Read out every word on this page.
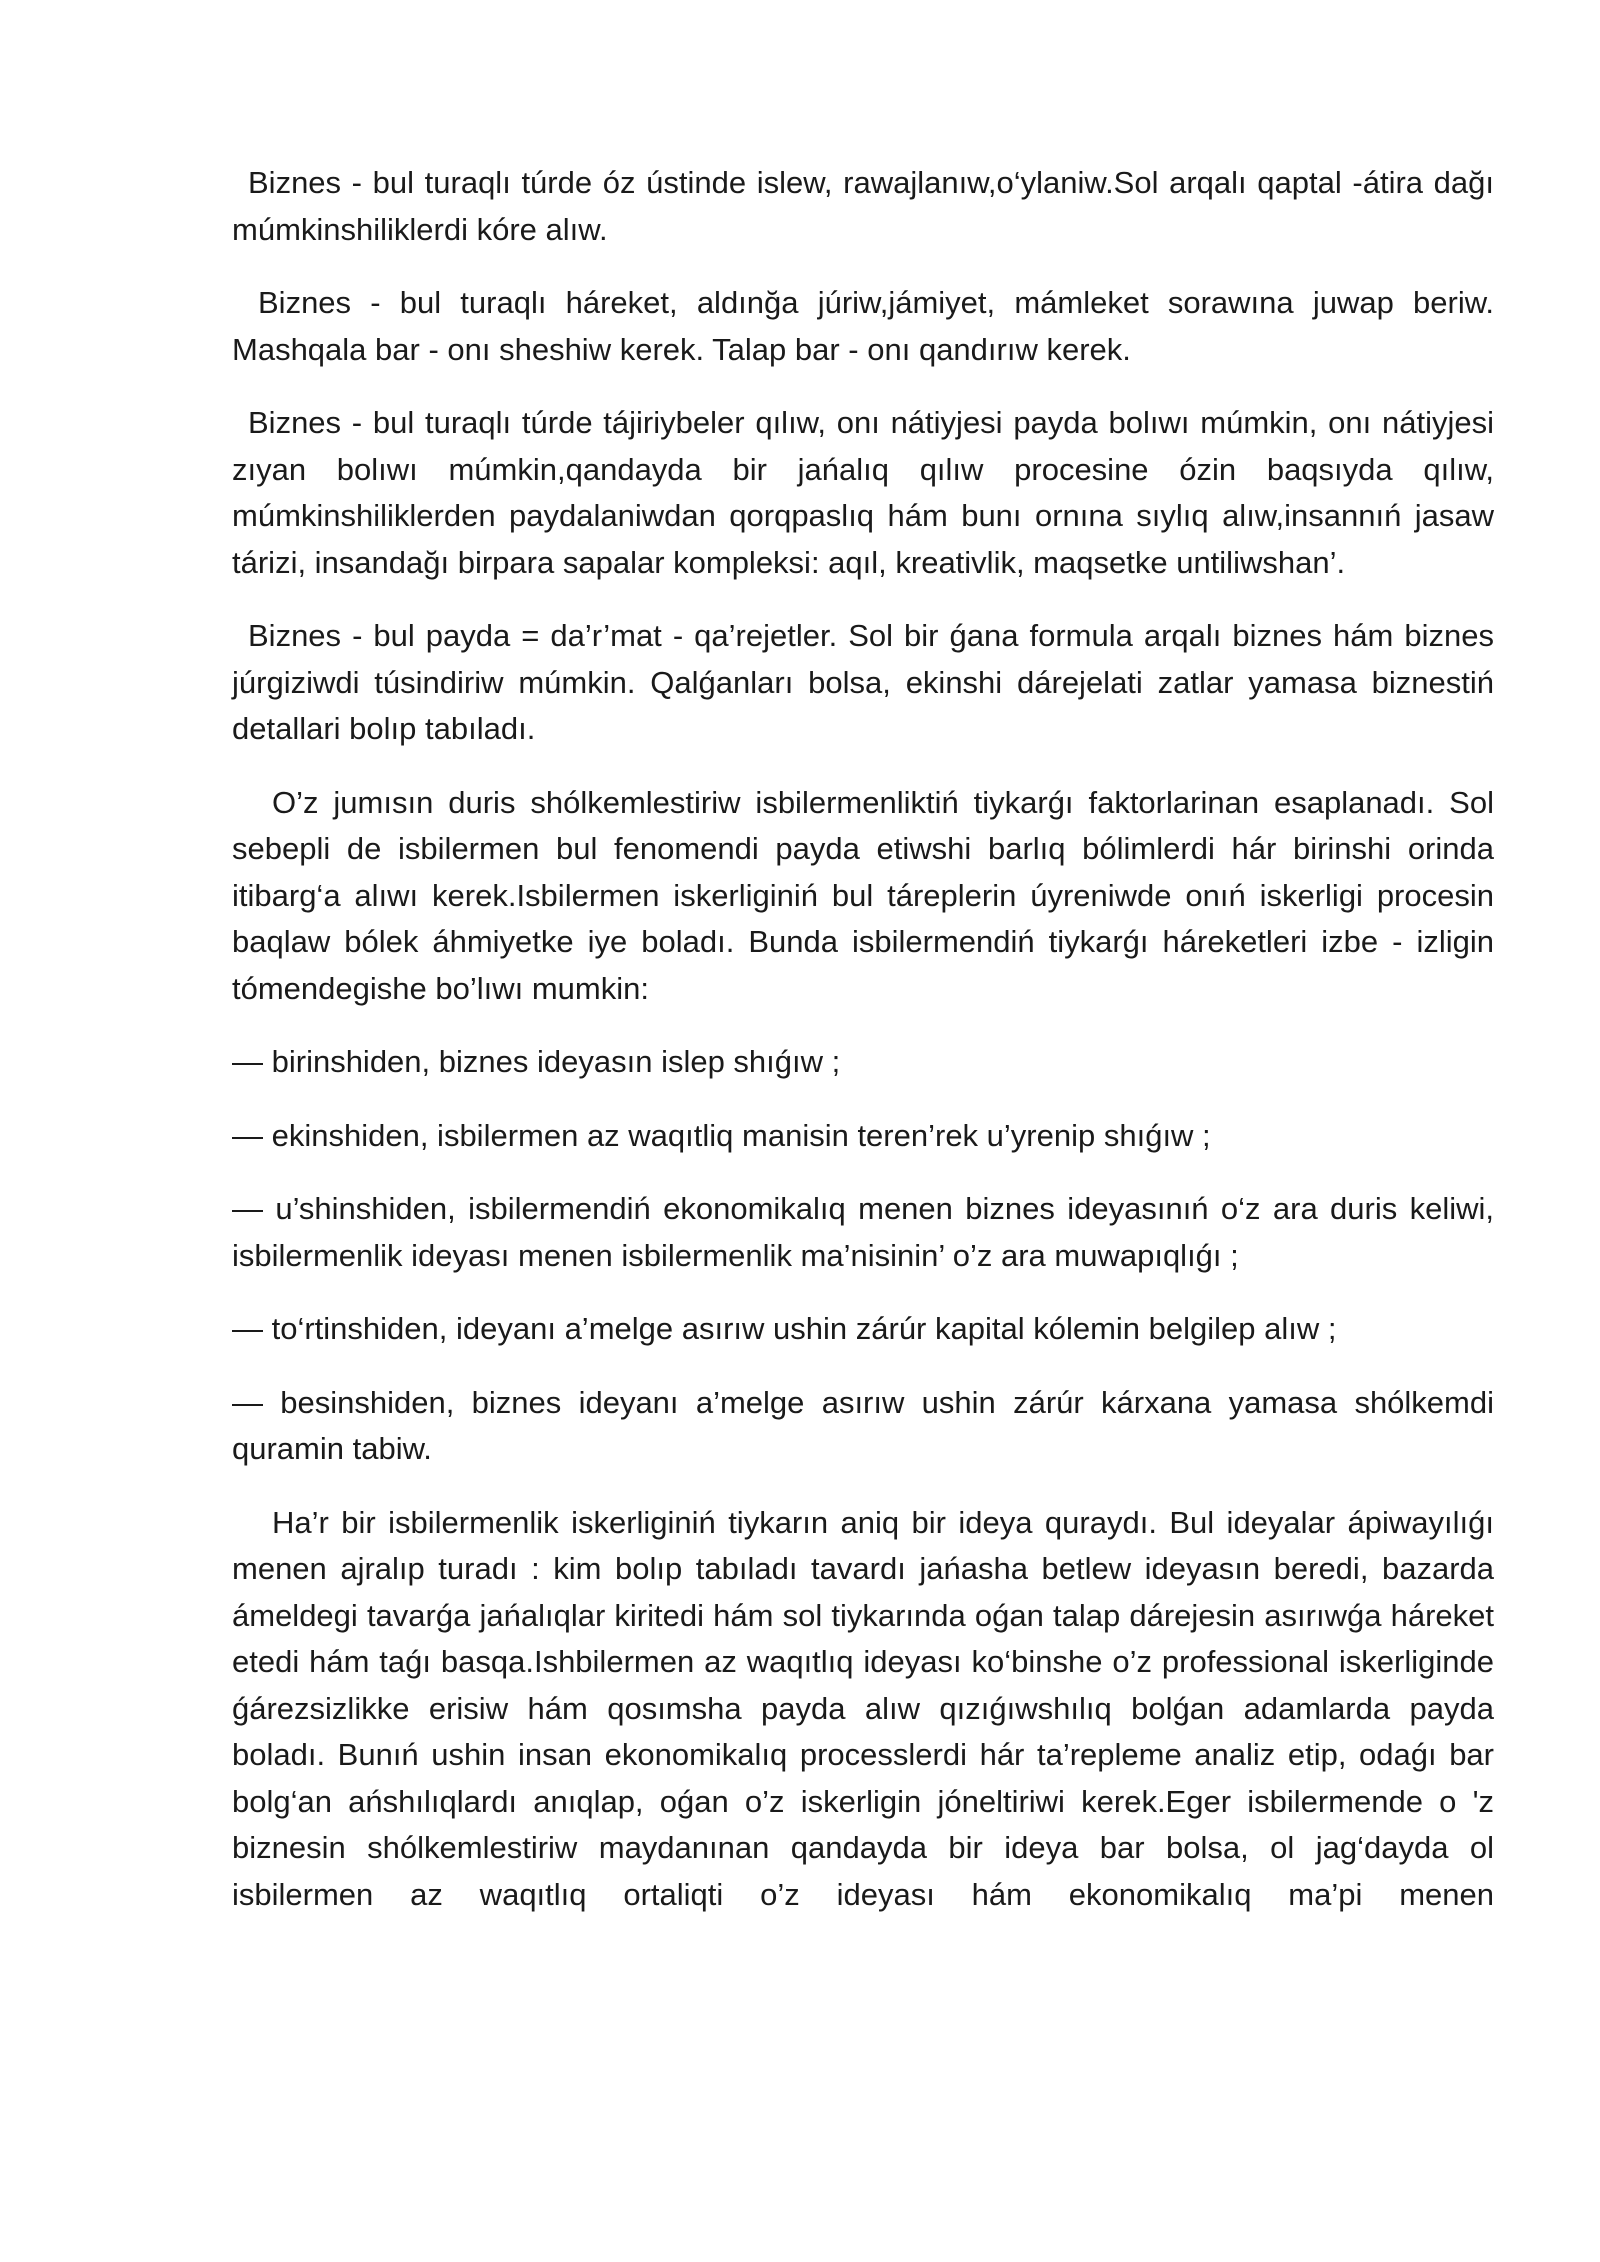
Biznes - bul turaqlı túrde óz ústinde islew, rawajlanıw,o‘ylaniw.Sol arqalı qaptal -átira dağı múmkinshiliklerdi kóre alıw.

Biznes - bul turaqlı háreket, aldınğa júriw,jámiyet, mámleket sorawına juwap beriw. Mashqala bar - onı sheshiw kerek. Talap bar - onı qandırıw kerek.

Biznes - bul turaqlı túrde tájiriybeler qılıw, onı nátiyjesi payda bolıwı múmkin, onı nátiyjesi zıyan bolıwı múmkin,qandayda bir jańalıq qılıw procesine ózin baqsıyda qılıw, múmkinshiliklerden paydalaniwdan qorqpaslıq hám bunı ornına sıylıq alıw,insannıń jasaw tárizi, insandağı birpara sapalar kompleksi: aqıl, kreativlik, maqsetke untiliwshan’.

Biznes - bul payda = da’r’mat - qa’rejetler. Sol bir ǵana formula arqalı biznes hám biznes júrgiziwdi túsindiriw múmkin. Qalǵanları bolsa, ekinshi dárejelati zatlar yamasa biznestiń detallari bolıp tabıladı.

O’z jumısın duris shólkemlestiriw isbilermenliktiń tiykarǵı faktorlarinan esaplanadı. Sol sebepli de isbilermen bul fenomendi payda etiwshi barlıq bólimlerdi hár birinshi orinda itibarg‘a alıwı kerek.Isbilermen iskerliginiń bul táreplerin úyreniwde onıń iskerligi procesin baqlaw bólek áhmiyetke iye boladı. Bunda isbilermendiń tiykarǵı háreketleri izbe - izligin tómendegishe bo’lıwı mumkin:

— birinshiden, biznes ideyasın islep shıǵıw ;

— ekinshiden, isbilermen az waqıtliq manisin teren’rek u’yrenip shıǵıw ;

— u’shinshiden, isbilermendiń ekonomikalıq menen biznes ideyasınıń o‘z ara duris keliwi, isbilermenlik ideyası menen isbilermenlik ma’nisinin’ o’z ara muwapıqlıǵı ;

— to‘rtinshiden, ideyanı a’melge asırıw ushin zárúr kapital kólemin belgilep alıw ;

— besinshiden, biznes ideyanı a’melge asırıw ushin zárúr kárxana yamasa shólkemdi quramin tabiw.

Ha’r bir isbilermenlik iskerliginiń tiykarın aniq bir ideya quraydı. Bul ideyalar ápiwayılıǵı menen ajralıp turadı : kim bolıp tabıladı tavardı jańasha betlew ideyasın beredi, bazarda ámeldegi tavarǵa jańalıqlar kiritedi hám sol tiykarında oǵan talap dárejesin asırıwǵa háreket etedi hám taǵı basqa.Ishbilermen az waqıtlıq ideyası ko‘binshe o’z professional iskerliginde ǵárezsizlikke erisiw hám qosımsha payda alıw qızıǵıwshılıq bolǵan adamlarda payda boladı. Bunıń ushin insan ekonomikalıq processlerdi hár ta’repleme analiz etip, odaǵı bar bolg‘an ańshılıqlardı anıqlap, oǵan o’z iskerligin jóneltiriwi kerek.Eger isbilermende o 'z biznesin shólkemlestiriw maydanınan qandayda bir ideya bar bolsa, ol jag‘dayda ol isbilermen az waqıtlıq ortaliqti o’z ideyası hám ekonomikalıq ma’pi menen
